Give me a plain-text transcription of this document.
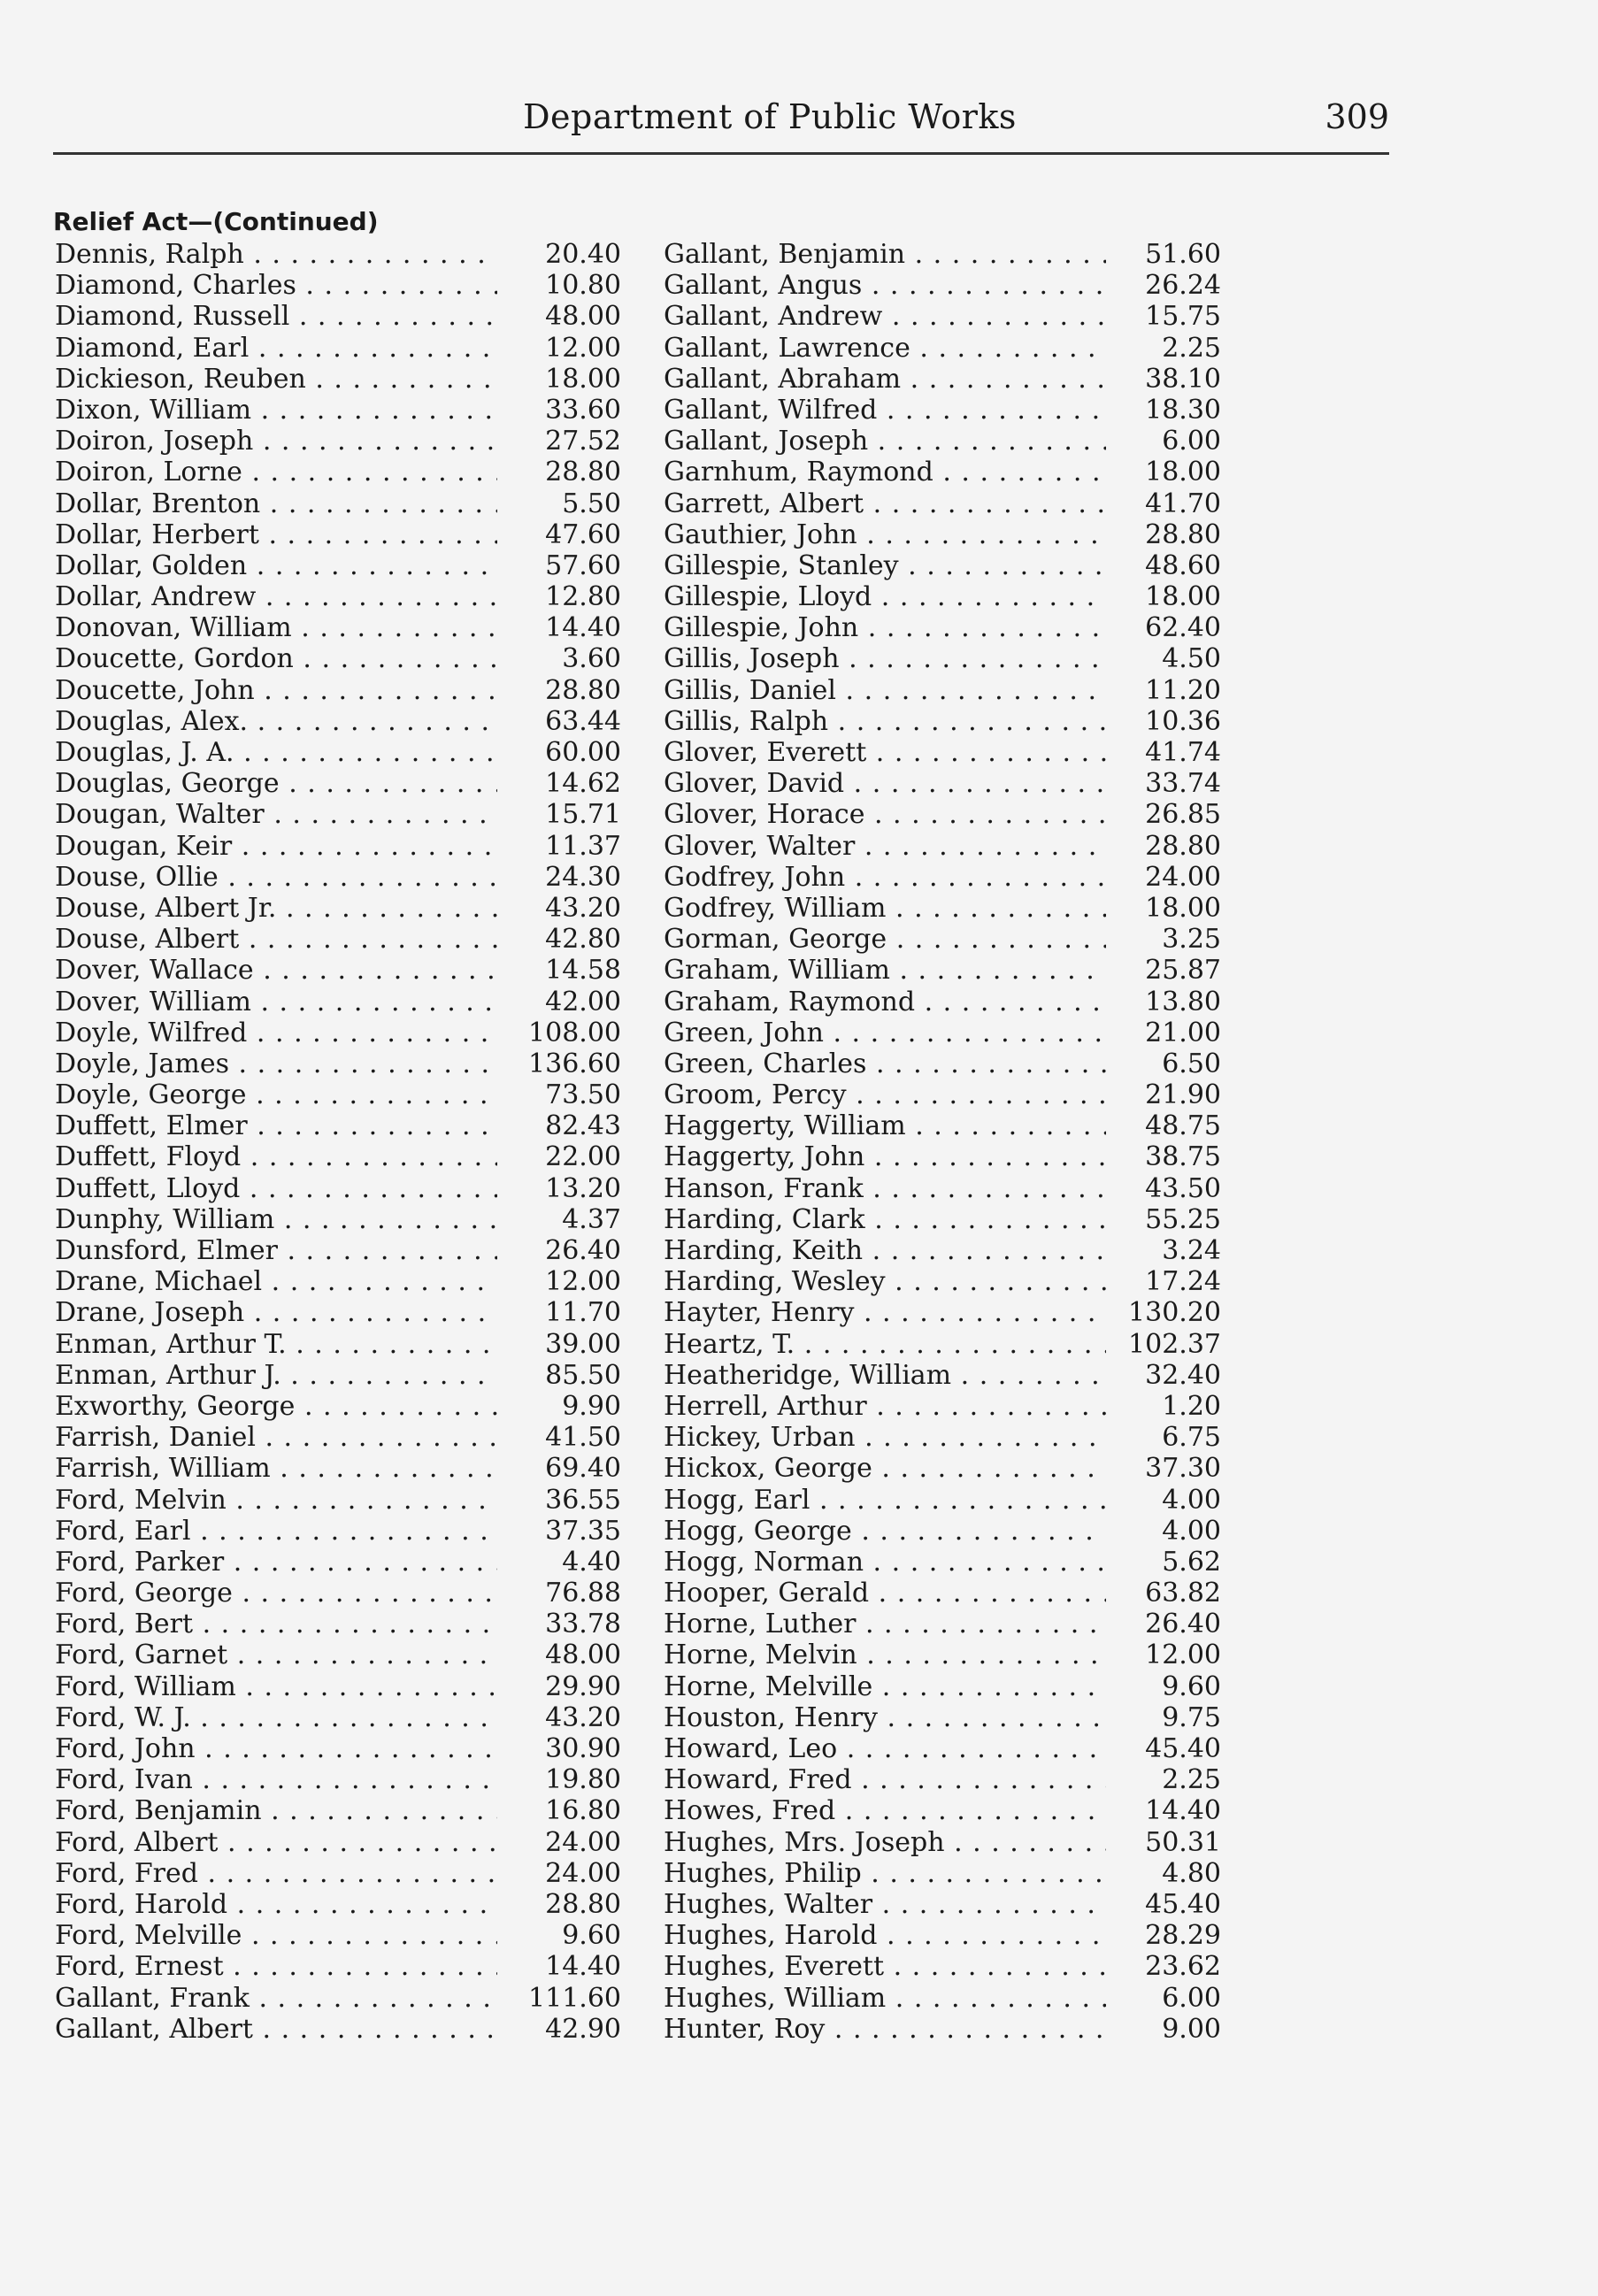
Department of Public Works	309
Relief Act—(Continued)
Dennis, Ralph . . .	20.40
Diamond, Charles . . .	10.80
Diamond, Russell . . .	48.00
Diamond, Earl . . .	12.00
Dickieson, Reuben . . .	18.00
Dixon, William . . .	33.60
Doiron, Joseph . . .	27.52
Doiron, Lorne . . .	28.80
Dollar, Brenton . . .	5.50
Dollar, Herbert . . .	47.60
Dollar, Golden . . .	57.60
Dollar, Andrew . . .	12.80
Donovan, William . . .	14.40
Doucette, Gordon . . .	3.60
Doucette, John . . .	28.80
Douglas, Alex. . . .	63.44
Douglas, J. A. . . .	60.00
Douglas, George . . .	14.62
Dougan, Walter . . .	15.71
Dougan, Keir . . .	11.37
Douse, Ollie . . .	24.30
Douse, Albert Jr. . . .	43.20
Douse, Albert . . .	42.80
Dover, Wallace . . .	14.58
Dover, William . . .	42.00
Doyle, Wilfred . . .	108.00
Doyle, James . . .	136.60
Doyle, George . . .	73.50
Duffett, Elmer . . .	82.43
Duffett, Floyd . . .	22.00
Duffett, Lloyd . . .	13.20
Dunphy, William . . .	4.37
Dunsford, Elmer . . .	26.40
Drane, Michael . . .	12.00
Drane, Joseph . . .	11.70
Enman, Arthur T. . . .	39.00
Enman, Arthur J. . . .	85.50
Exworthy, George . . .	9.90
Farrish, Daniel . . .	41.50
Farrish, William . . .	69.40
Ford, Melvin . . .	36.55
Ford, Earl . . .	37.35
Ford, Parker . . .	4.40
Ford, George . . .	76.88
Ford, Bert . . .	33.78
Ford, Garnet . . .	48.00
Ford, William . . .	29.90
Ford, W. J. . . .	43.20
Ford, John . . .	30.90
Ford, Ivan . . .	19.80
Ford, Benjamin . . .	16.80
Ford, Albert . . .	24.00
Ford, Fred . . .	24.00
Ford, Harold . . .	28.80
Ford, Melville . . .	9.60
Ford, Ernest . . .	14.40
Gallant, Frank . . .	111.60
Gallant, Albert . . .	42.90
Gallant, Benjamin . . .	51.60
Gallant, Angus . . .	26.24
Gallant, Andrew . . .	15.75
Gallant, Lawrence . . .	2.25
Gallant, Abraham . . .	38.10
Gallant, Wilfred . . .	18.30
Gallant, Joseph . . .	6.00
Garnhum, Raymond . . .	18.00
Garrett, Albert . . .	41.70
Gauthier, John . . .	28.80
Gillespie, Stanley . . .	48.60
Gillespie, Lloyd . . .	18.00
Gillespie, John . . .	62.40
Gillis, Joseph . . .	4.50
Gillis, Daniel . . .	11.20
Gillis, Ralph . . .	10.36
Glover, Everett . . .	41.74
Glover, David . . .	33.74
Glover, Horace . . .	26.85
Glover, Walter . . .	28.80
Godfrey, John . . .	24.00
Godfrey, William . . .	18.00
Gorman, George . . .	3.25
Graham, William . . .	25.87
Graham, Raymond . . .	13.80
Green, John . . .	21.00
Green, Charles . . .	6.50
Groom, Percy . . .	21.90
Haggerty, William . . .	48.75
Haggerty, John . . .	38.75
Hanson, Frank . . .	43.50
Harding, Clark . . .	55.25
Harding, Keith . . .	3.24
Harding, Wesley . . .	17.24
Hayter, Henry . . .	130.20
Heartz, T. . . .	102.37
Heatheridge, William . . .	32.40
Herrell, Arthur . . .	1.20
Hickey, Urban . . .	6.75
Hickox, George . . .	37.30
Hogg, Earl . . .	4.00
Hogg, George . . .	4.00
Hogg, Norman . . .	5.62
Hooper, Gerald . . .	63.82
Horne, Luther . . .	26.40
Horne, Melvin . . .	12.00
Horne, Melville . . .	9.60
Houston, Henry . . .	9.75
Howard, Leo . . .	45.40
Howard, Fred . . .	2.25
Howes, Fred . . .	14.40
Hughes, Mrs. Joseph . . .	50.31
Hughes, Philip . . .	4.80
Hughes, Walter . . .	45.40
Hughes, Harold . . .	28.29
Hughes, Everett . . .	23.62
Hughes, William . . .	6.00
Hunter, Roy . . .	9.00
